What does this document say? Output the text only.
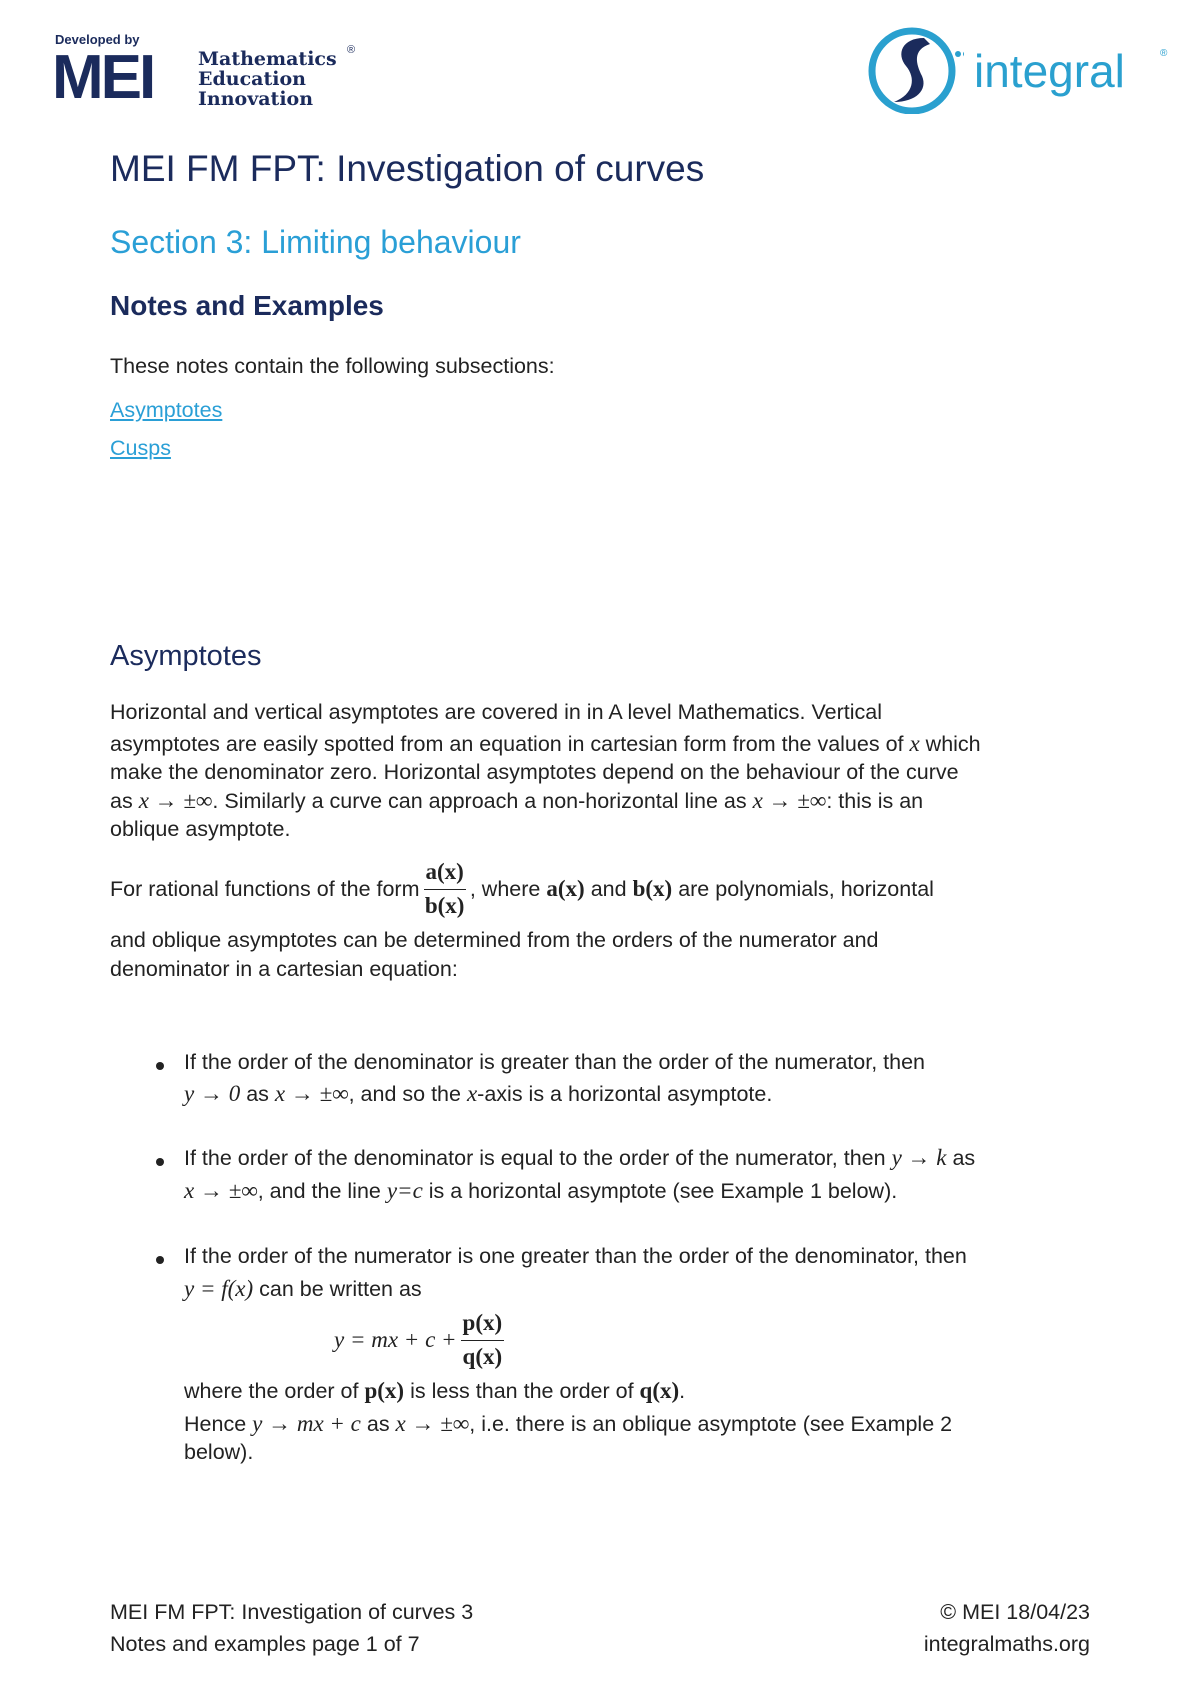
Developed by
MEI Mathematics
Education
Innovation
®	integral	®
MEI FM FPT: Investigation of curves
Section 3: Limiting behaviour
Notes and Examples
These notes contain the following subsections:
Asymptotes
Cusps
Asymptotes
Horizontal and vertical asymptotes are covered in in A level Mathematics. Vertical
asymptotes are easily spotted from an equation in cartesian form from the values of x which
make the denominator zero. Horizontal asymptotes depend on the behaviour of the curve
as x → ±∞. Similarly a curve can approach a non-horizontal line as x → ±∞: this is an
oblique asymptote.
For rational functions of the form $\frac{a(x)}{b(x)}$ , where a(x) and b(x) are polynomials, horizontal
and oblique asymptotes can be determined from the orders of the numerator and
denominator in a cartesian equation:
If the order of the denominator is greater than the order of the numerator, then
y → 0 as x → ±∞, and so the x-axis is a horizontal asymptote.
If the order of the denominator is equal to the order of the numerator, then y → k as
x → ±∞, and the line y=c is a horizontal asymptote (see Example 1 below).
If the order of the numerator is one greater than the order of the denominator, then
y = f(x) can be written as
y = mx + $c + \frac{p(x)}{q(x)}$
where the order of p(x) is less than the order of q(x).
Hence y → mx + c as x → ±∞, i.e. there is an oblique asymptote (see Example 2
below).
MEI FM FPT: Investigation of curves 3
Notes and examples page 1 of 7
© MEI 18/04/23
integralmaths.org
